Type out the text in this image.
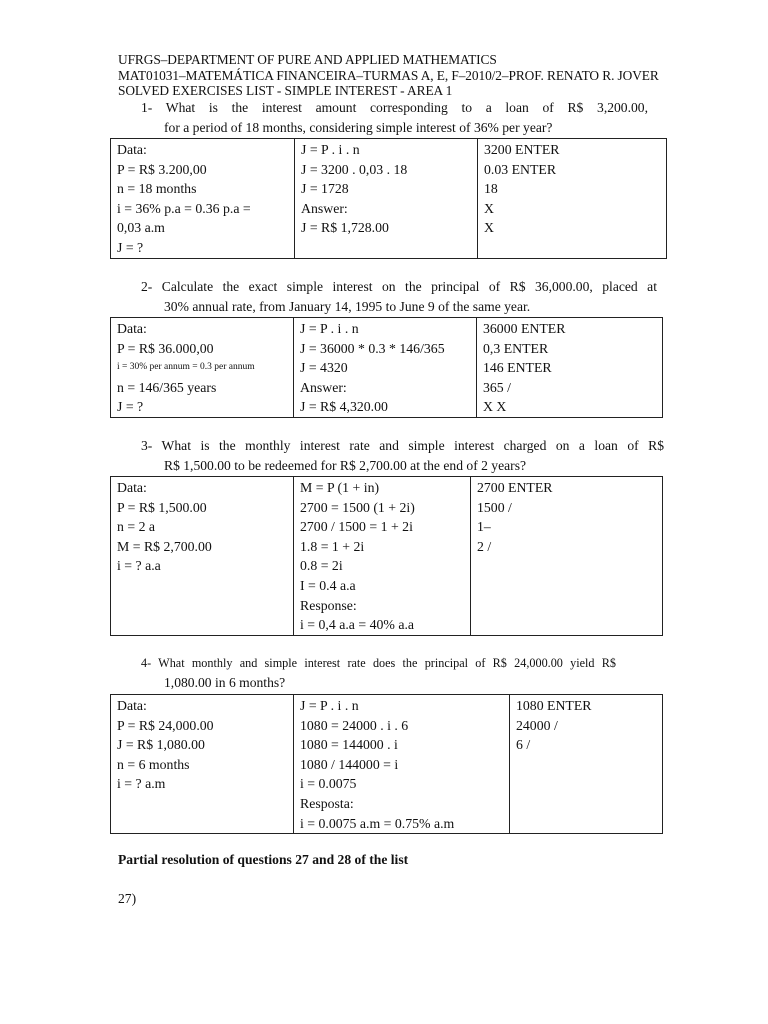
UFRGS–DEPARTMENT OF PURE AND APPLIED MATHEMATICS
MAT01031–MATEMÁTICA FINANCEIRA–TURMAS A, E, F–2010/2–PROF. RENATO R. JOVER
SOLVED EXERCISES LIST - SIMPLE INTEREST - AREA 1
1- What is the interest amount corresponding to a loan of R$ 3,200.00,
for a period of 18 months, considering simple interest of 36% per year?
Data:
P = R$ 3.200,00
n = 18 months
i = 36% p.a = 0.36 p.a =
0,03 a.m
J = ?

J = P . i . n
J = 3200 . 0,03 . 18
J = 1728
Answer:
J = R$ 1,728.00

3200 ENTER
0.03 ENTER
18
X
X
2- Calculate the exact simple interest on the principal of R$ 36,000.00, placed at
30% annual rate, from January 14, 1995 to June 9 of the same year.
Data:
P = R$ 36.000,00
i = 30% per annum = 0.3 per annum
n = 146/365 years
J = ?

J = P . i . n
J = 36000 * 0.3 * 146/365
J = 4320
Answer:
J = R$ 4,320.00

36000 ENTER
0,3 ENTER
146 ENTER
365 /
X X
3- What is the monthly interest rate and simple interest charged on a loan of R$
R$ 1,500.00 to be redeemed for R$ 2,700.00 at the end of 2 years?
Data:
P = R$ 1,500.00
n = 2 a
M = R$ 2,700.00
i = ? a.a

M = P (1 + in)
2700 = 1500 (1 + 2i)
2700 / 1500 = 1 + 2i
1.8 = 1 + 2i
0.8 = 2i
I = 0.4 a.a
Response:
i = 0,4 a.a = 40% a.a

2700 ENTER
1500 /
1–
2 /
4- What monthly and simple interest rate does the principal of R$ 24,000.00 yield R$
1,080.00 in 6 months?
Data:
P = R$ 24,000.00
J = R$ 1,080.00
n = 6 months
i = ? a.m

J = P . i . n
1080 = 24000 . i . 6
1080 = 144000 . i
1080 / 144000 = i
i = 0.0075
Resposta:
i = 0.0075 a.m = 0.75% a.m

1080 ENTER
24000 /
6 /
Partial resolution of questions 27 and 28 of the list
27)
